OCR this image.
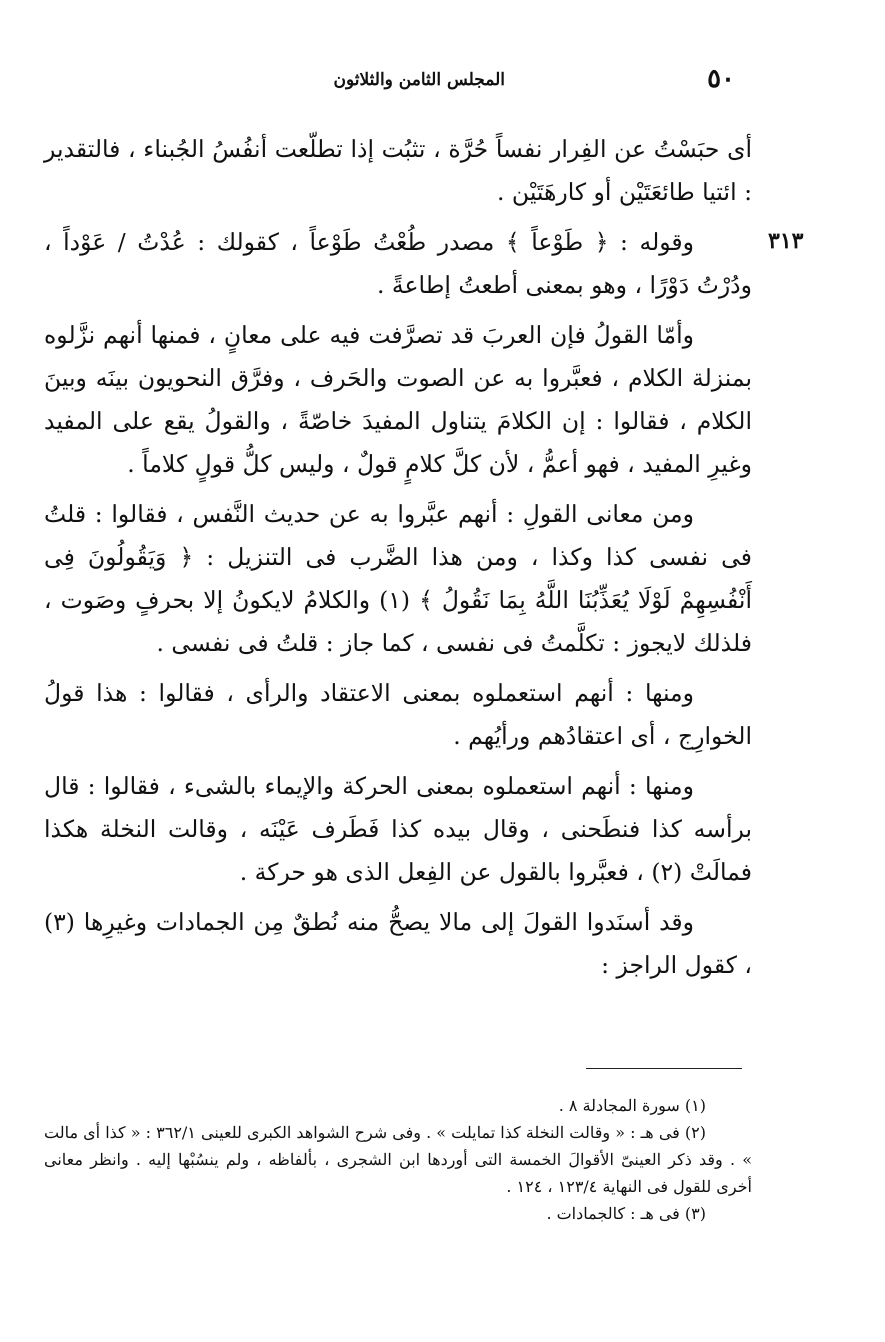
٥٠
المجلس الثامن والثلاثون
٣١٣

أى حبَسْتُ عن الفِرار نفساً حُرَّة ، تثبُت إذا تطلّعت أنفُسُ الجُبناء ، فالتقدير : ائتيا طائعَتَيْن أو كارهَتَيْن .

وقوله : ﴿ طَوْعاً ﴾ مصدر طُعْتُ طَوْعاً ، كقولك : عُدْتُ / عَوْداً ، ودُرْتُ دَوْرًا ، وهو بمعنى أطعتُ إطاعةً .

وأمّا القولُ فإن العربَ قد تصرَّفت فيه على معانٍ ، فمنها أنهم نزَّلوه بمنزلة الكلام ، فعبَّروا به عن الصوت والحَرف ، وفرَّق النحويون بينَه وبينَ الكلام ، فقالوا : إن الكلامَ يتناول المفيدَ خاصّةً ، والقولُ يقع على المفيد وغيرِ المفيد ، فهو أعمُّ ، لأن كلَّ كلامٍ قولٌ ، وليس كلُّ قولٍ كلاماً .

ومن معانى القولِ : أنهم عبَّروا به عن حديث النَّفس ، فقالوا : قلتُ فى نفسى كذا وكذا ، ومن هذا الضَّرب فى التنزيل : ﴿ وَيَقُولُونَ فِى أَنْفُسِهِمْ لَوْلَا يُعَذِّبُنَا اللَّهُ بِمَا نَقُولُ ﴾ (١) والكلامُ لايكونُ إلا بحرفٍ وصَوت ، فلذلك لايجوز : تكلَّمتُ فى نفسى ، كما جاز : قلتُ فى نفسى .

ومنها : أنهم استعملوه بمعنى الاعتقاد والرأى ، فقالوا : هذا قولُ الخوارِج ، أى اعتقادُهم ورأيُهم .

ومنها : أنهم استعملوه بمعنى الحركة والإيماء بالشىء ، فقالوا : قال برأسه كذا فنطَحنى ، وقال بيده كذا فَطَرف عَيْنَه ، وقالت النخلة هكذا فمالَتْ (٢) ، فعبَّروا بالقول عن الفِعل الذى هو حركة .

وقد أسنَدوا القولَ إلى مالا يصحُّ منه نُطقٌ مِن الجمادات وغيرِها (٣) ، كقول الراجز :

(١) سورة المجادلة ٨ .

(٢) فى هـ : « وقالت النخلة كذا تمايلت » . وفى شرح الشواهد الكبرى للعينى ٣٦٢/١ : « كذا أى مالت » . وقد ذكر العينىّ الأقوالَ الخمسة التى أوردها ابن الشجرى ، بألفاظه ، ولم ينسُبْها إليه . وانظر معانى أخرى للقول فى النهاية ١٢٣/٤ ، ١٢٤ .

(٣) فى هـ : كالجمادات .
